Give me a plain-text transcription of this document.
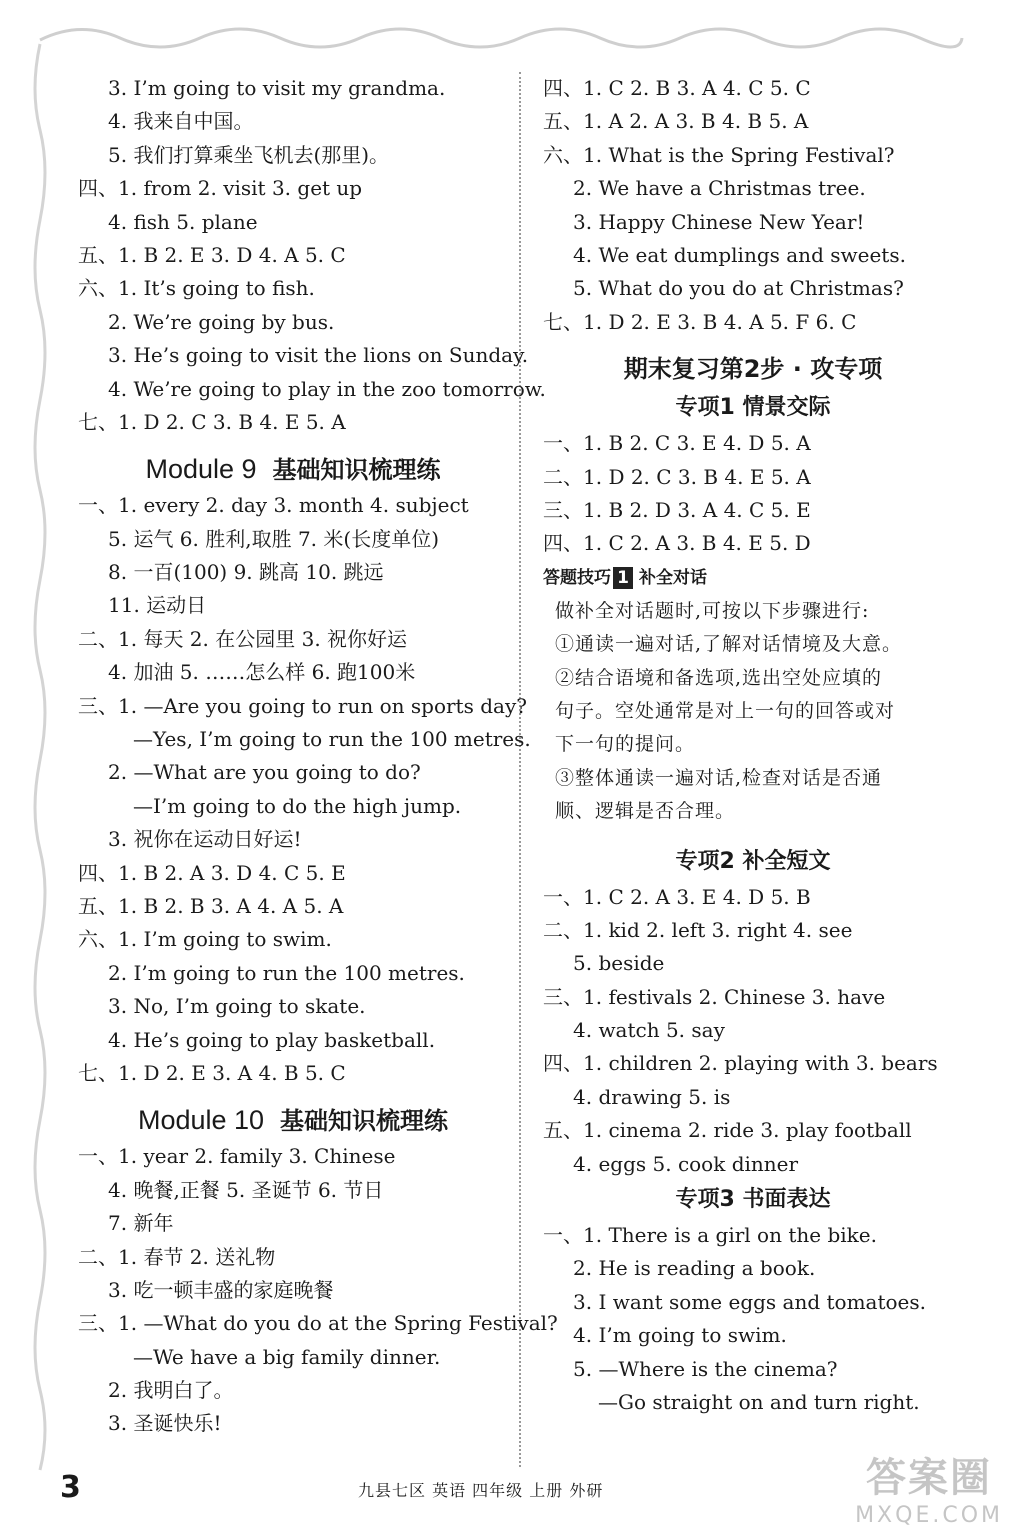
3. I’m going to visit my grandma.
4. 我来自中国。
5. 我们打算乘坐飞机去(那里)。
四、1. from 2. visit 3. get up
4. fish 5. plane
五、1. B 2. E 3. D 4. A 5. C
六、1. It’s going to fish.
2. We’re going by bus.
3. He’s going to visit the lions on Sunday.
4. We’re going to play in the zoo tomorrow.
七、1. D 2. C 3. B 4. E 5. A
Module 9 基础知识梳理练
一、1. every 2. day 3. month 4. subject
5. 运气 6. 胜利,取胜 7. 米(长度单位)
8. 一百(100) 9. 跳高 10. 跳远
11. 运动日
二、1. 每天 2. 在公园里 3. 祝你好运
4. 加油 5. ……怎么样 6. 跑100米
三、1. —Are you going to run on sports day?
—Yes, I’m going to run the 100 metres.
2. —What are you going to do?
—I’m going to do the high jump.
3. 祝你在运动日好运!
四、1. B 2. A 3. D 4. C 5. E
五、1. B 2. B 3. A 4. A 5. A
六、1. I’m going to swim.
2. I’m going to run the 100 metres.
3. No, I’m going to skate.
4. He’s going to play basketball.
七、1. D 2. E 3. A 4. B 5. C
Module 10 基础知识梳理练
一、1. year 2. family 3. Chinese
4. 晚餐,正餐 5. 圣诞节 6. 节日
7. 新年
二、1. 春节 2. 送礼物
3. 吃一顿丰盛的家庭晚餐
三、1. —What do you do at the Spring Festival?
—We have a big family dinner.
2. 我明白了。
3. 圣诞快乐!
四、1. C 2. B 3. A 4. C 5. C
五、1. A 2. A 3. B 4. B 5. A
六、1. What is the Spring Festival?
2. We have a Christmas tree.
3. Happy Chinese New Year!
4. We eat dumplings and sweets.
5. What do you do at Christmas?
七、1. D 2. E 3. B 4. A 5. F 6. C
期末复习第2步 · 攻专项
专项1 情景交际
一、1. B 2. C 3. E 4. D 5. A
二、1. D 2. C 3. B 4. E 5. A
三、1. B 2. D 3. A 4. C 5. E
四、1. C 2. A 3. B 4. E 5. D
答题技巧 1 补全对话
做补全对话题时,可按以下步骤进行:
①通读一遍对话,了解对话情境及大意。
②结合语境和备选项,选出空处应填的
句子。空处通常是对上一句的回答或对
下一句的提问。
③整体通读一遍对话,检查对话是否通
顺、逻辑是否合理。
专项2 补全短文
一、1. C 2. A 3. E 4. D 5. B
二、1. kid 2. left 3. right 4. see
5. beside
三、1. festivals 2. Chinese 3. have
4. watch 5. say
四、1. children 2. playing with 3. bears
4. drawing 5. is
五、1. cinema 2. ride 3. play football
4. eggs 5. cook dinner
专项3 书面表达
一、1. There is a girl on the bike.
2. He is reading a book.
3. I want some eggs and tomatoes.
4. I’m going to swim.
5. —Where is the cinema?
—Go straight on and turn right.
3	九县七区 英语 四年级 上册 外研	答案圈
MXQE.COM
